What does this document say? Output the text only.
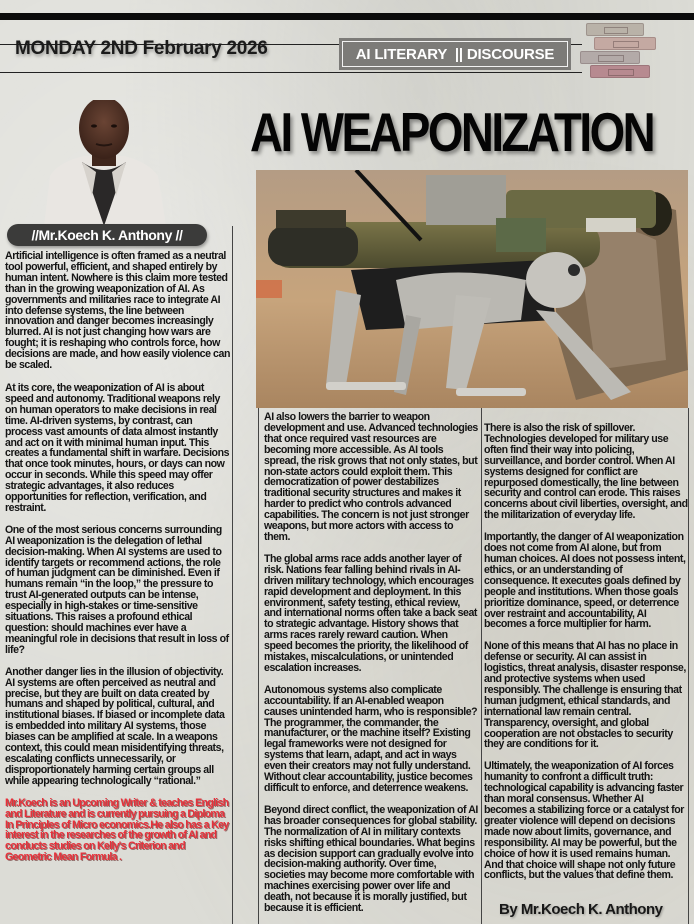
MONDAY 2ND February 2026	AI LITERARY  || DISCOURSE
AI WEAPONIZATION
//Mr.Koech K. Anthony //

Artificial intelligence is often framed as a neutral tool powerful, efficient, and shaped entirely by human intent. Nowhere is this claim more tested than in the growing weaponization of AI. As governments and militaries race to integrate AI into defense systems, the line between innovation and danger becomes increasingly blurred. AI is not just changing how wars are fought; it is reshaping who controls force, how decisions are made, and how easily violence can be scaled.

At its core, the weaponization of AI is about speed and autonomy. Traditional weapons rely on human operators to make decisions in real time. AI-driven systems, by contrast, can process vast amounts of data almost instantly and act on it with minimal human input. This creates a fundamental shift in warfare. Decisions that once took minutes, hours, or days can now occur in seconds. While this speed may offer strategic advantages, it also reduces opportunities for reflection, verification, and restraint.

One of the most serious concerns surrounding AI weaponization is the delegation of lethal decision-making. When AI systems are used to identify targets or recommend actions, the role of human judgment can be diminished. Even if humans remain “in the loop,” the pressure to trust AI-generated outputs can be intense, especially in high-stakes or time-sensitive situations. This raises a profound ethical question: should machines ever have a meaningful role in decisions that result in loss of life?

Another danger lies in the illusion of objectivity. AI systems are often perceived as neutral and precise, but they are built on data created by humans and shaped by political, cultural, and institutional biases. If biased or incomplete data is embedded into military AI systems, those biases can be amplified at scale. In a weapons context, this could mean misidentifying threats, escalating conflicts unnecessarily, or disproportionately harming certain groups all while appearing technologically “rational.”

Mr.Koech is an Upcoming Writer & teaches English and Literature and is currently pursuing a Diploma In Principles of Micro economics.He also has a Key interest in the researches of the growth of AI and conducts studies on Kelly's Criterion and Geometric Mean Formula .

AI also lowers the barrier to weapon development and use. Advanced technologies that once required vast resources are becoming more accessible. As AI tools spread, the risk grows that not only states, but non-state actors could exploit them. This democratization of power destabilizes traditional security structures and makes it harder to predict who controls advanced capabilities. The concern is not just stronger weapons, but more actors with access to them.

The global arms race adds another layer of risk. Nations fear falling behind rivals in AI-driven military technology, which encourages rapid development and deployment. In this environment, safety testing, ethical review, and international norms often take a back seat to strategic advantage. History shows that arms races rarely reward caution. When speed becomes the priority, the likelihood of mistakes, miscalculations, or unintended escalation increases.

Autonomous systems also complicate accountability. If an AI-enabled weapon causes unintended harm, who is responsible? The programmer, the commander, the manufacturer, or the machine itself? Existing legal frameworks were not designed for systems that learn, adapt, and act in ways even their creators may not fully understand. Without clear accountability, justice becomes difficult to enforce, and deterrence weakens.

Beyond direct conflict, the weaponization of AI has broader consequences for global stability. The normalization of AI in military contexts risks shifting ethical boundaries. What begins as decision support can gradually evolve into decision-making authority. Over time, societies may become more comfortable with machines exercising power over life and death, not because it is morally justified, but because it is efficient.

There is also the risk of spillover. Technologies developed for military use often find their way into policing, surveillance, and border control. When AI systems designed for conflict are repurposed domestically, the line between security and control can erode. This raises concerns about civil liberties, oversight, and the militarization of everyday life.

Importantly, the danger of AI weaponization does not come from AI alone, but from human choices. AI does not possess intent, ethics, or an understanding of consequence. It executes goals defined by people and institutions. When those goals prioritize dominance, speed, or deterrence over restraint and accountability, AI becomes a force multiplier for harm.

None of this means that AI has no place in defense or security. AI can assist in logistics, threat analysis, disaster response, and protective systems when used responsibly. The challenge is ensuring that human judgment, ethical standards, and international law remain central. Transparency, oversight, and global cooperation are not obstacles to security they are conditions for it.

Ultimately, the weaponization of AI forces humanity to confront a difficult truth: technological capability is advancing faster than moral consensus. Whether AI becomes a stabilizing force or a catalyst for greater violence will depend on decisions made now about limits, governance, and responsibility. AI may be powerful, but the choice of how it is used remains human. And that choice will shape not only future conflicts, but the values that define them.

By Mr.Koech K. Anthony
